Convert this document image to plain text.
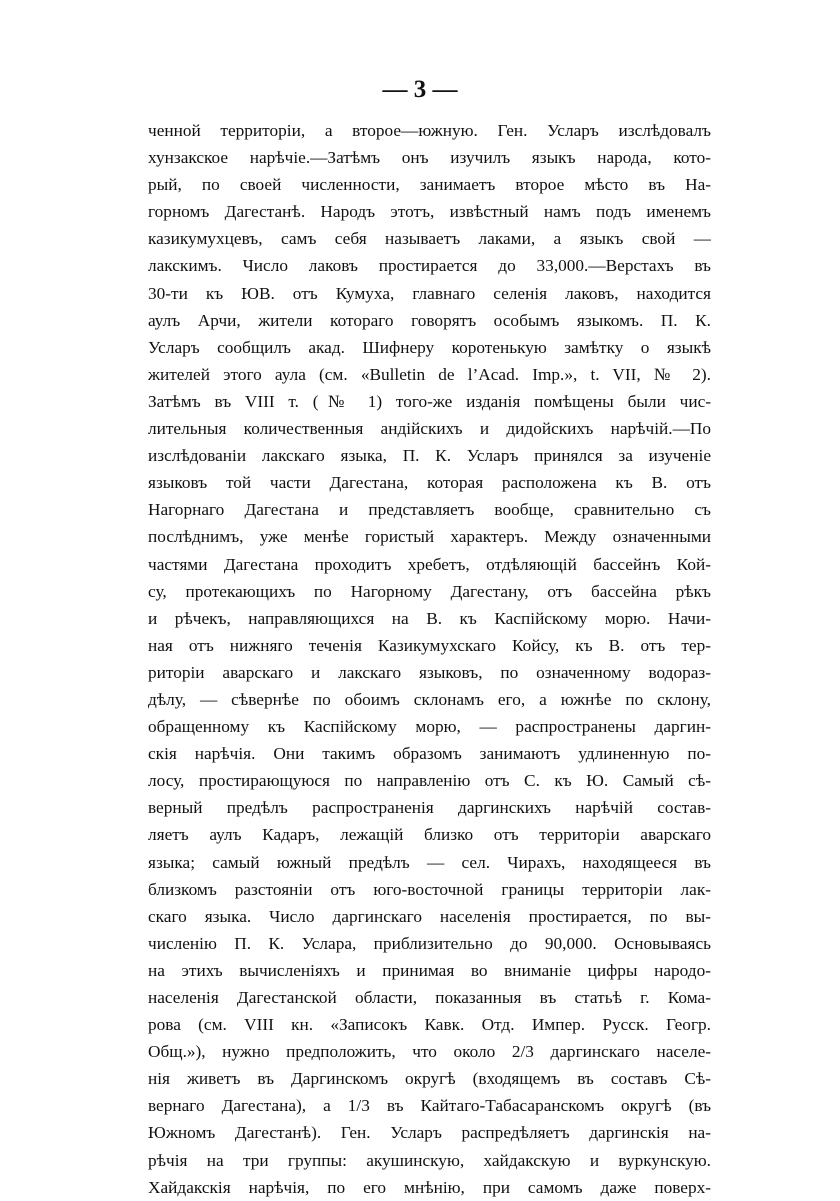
— 3 —
ченной территоріи, а второе—южную. Ген. Усларъ изслѣдовалъ
хунзакское нарѣчіе.—Затѣмъ онъ изучилъ языкъ народа, кото-
рый, по своей численности, занимаетъ второе мѣсто въ На-
горномъ Дагестанѣ. Народъ этотъ, извѣстный намъ подъ именемъ
казикумухцевъ, самъ себя называетъ лаками, а языкъ свой —
лакскимъ. Число лаковъ простирается до 33,000.—Верстахъ въ
30-ти къ ЮВ. отъ Кумуха, главнаго селенія лаковъ, находится
аулъ Арчи, жители котораго говорятъ особымъ языкомъ. П. К.
Усларъ сообщилъ акад. Шифнеру коротенькую замѣтку о языкѣ
жителей этого аула (см. «Bulletin de l’Acad. Imp.», t. VII, № 2).
Затѣмъ въ VIII т. (№ 1) того-же изданія помѣщены были чис-
лительныя количественныя андійскихъ и дидойскихъ нарѣчій.—По
изслѣдованіи лакскаго языка, П. К. Усларъ принялся за изученіе
языковъ той части Дагестана, которая расположена къ В. отъ
Нагорнаго Дагестана и представляетъ вообще, сравнительно съ
послѣднимъ, уже менѣе гористый характеръ. Между означенными
частями Дагестана проходитъ хребетъ, отдѣляющій бассейнъ Кой-
су, протекающихъ по Нагорному Дагестану, отъ бассейна рѣкъ
и рѣчекъ, направляющихся на В. къ Каспійскому морю. Начи-
ная отъ нижняго теченія Казикумухскаго Койсу, къ В. отъ тер-
риторіи аварскаго и лакскаго языковъ, по означенному водораз-
дѣлу, — сѣвернѣе по обоимъ склонамъ его, а южнѣе по склону,
обращенному къ Каспійскому морю, — распространены даргин-
скія нарѣчія. Они такимъ образомъ занимаютъ удлиненную по-
лосу, простирающуюся по направленію отъ С. къ Ю. Самый сѣ-
верный предѣлъ распространенія даргинскихъ нарѣчій состав-
ляетъ аулъ Кадаръ, лежащій близко отъ территоріи аварскаго
языка; самый южный предѣлъ — сел. Чирахъ, находящееся въ
близкомъ разстояніи отъ юго-восточной границы территоріи лак-
скаго языка. Число даргинскаго населенія простирается, по вы-
численію П. К. Услара, приблизительно до 90,000. Основываясь
на этихъ вычисленіяхъ и принимая во вниманіе цифры народо-
населенія Дагестанской области, показанныя въ статьѣ г. Кома-
рова (см. VIII кн. «Записокъ Кавк. Отд. Импер. Русск. Геогр.
Общ.»), нужно предположить, что около 2/3 даргинскаго населе-
нія живетъ въ Даргинскомъ округѣ (входящемъ въ составъ Сѣ-
вернаго Дагестана), а 1/3 въ Кайтаго-Табасаранскомъ округѣ (въ
Южномъ Дагестанѣ). Ген. Усларъ распредѣляетъ даргинскія на-
рѣчія на три группы: акушинскую, хайдакскую и вуркунскую.
Хайдакскія нарѣчія, по его мнѣнію, при самомъ даже поверх-
